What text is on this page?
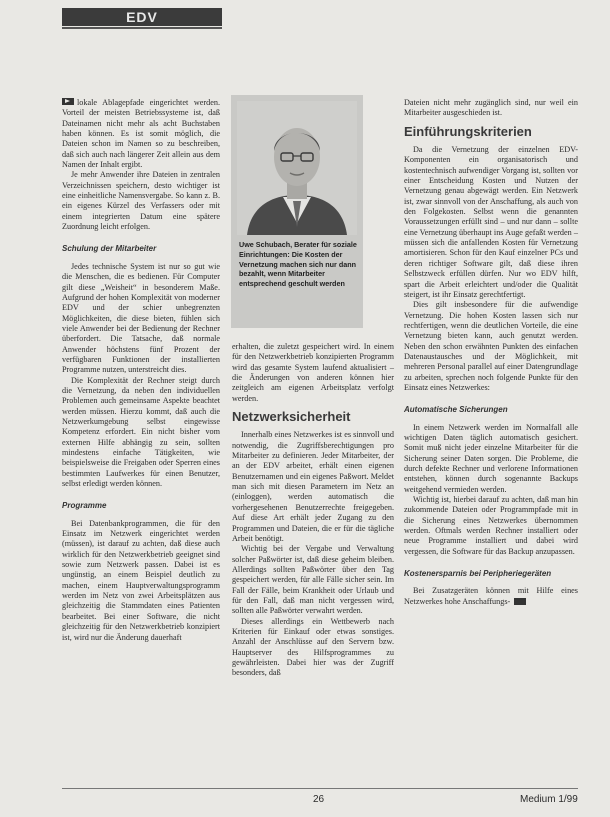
EDV

lokale Ablagepfade eingerichtet werden. Vorteil der meisten Betriebssysteme ist, daß Dateinamen nicht mehr als acht Buchstaben haben können. Es ist somit möglich, die Dateien schon im Namen so zu beschreiben, daß sich auch nach längerer Zeit allein aus dem Namen der Inhalt ergibt.

Je mehr Anwender ihre Dateien in zentralen Verzeichnissen speichern, desto wichtiger ist eine einheitliche Namensvergabe. So kann z. B. ein eigenes Kürzel des Verfassers oder mit einem integrierten Datum eine spätere Zuordnung leicht erfolgen.

Schulung der Mitarbeiter

Jedes technische System ist nur so gut wie die Menschen, die es bedienen. Für Computer gilt diese „Weisheit“ in besonderem Maße. Aufgrund der hohen Komplexität von moderner EDV und der schier unbegrenzten Möglichkeiten, die diese bieten, fühlen sich viele Anwender bei der Bedienung der Rechner überfordert. Die Tatsache, daß normale Anwender höchstens fünf Prozent der verfügbaren Funktionen der installierten Programme nutzen, unterstreicht dies.

Die Komplexität der Rechner steigt durch die Vernetzung, da neben den individuellen Problemen auch gemeinsame Aspekte beachtet werden müssen. Hierzu kommt, daß auch die Netzwerkumgebung selbst eingewisse Kompetenz erfordert. Ein nicht bisher vom externen Hilfe abhängig zu sein, sollten mindestens einfache Tätigkeiten, wie beispielsweise die Freigaben oder Sperren eines bestimmten Laufwerkes für einen Benutzer, selbst erledigt werden können.

Programme

Bei Datenbankprogrammen, die für den Einsatz im Netzwerk eingerichtet werden (müssen), ist darauf zu achten, daß diese auch wirklich für den Netzwerkbetrieb geeignet sind sowie zum Netzwerk passen. Dabei ist es ungünstig, an einem Beispiel deutlich zu machen, einem Hauptverwaltungsprogramm werden im Netz von zwei Arbeitsplätzen aus gleichzeitig die Stammdaten eines Patienten bearbeitet. Bei einer Software, die nicht gleichzeitig für den Netzwerkbetrieb konzipiert ist, wird nur die Änderung dauerhaft

Uwe Schubach, Berater für soziale Einrichtungen: Die Kosten der Vernetzung machen sich nur dann bezahlt, wenn Mitarbeiter entsprechend geschult werden

erhalten, die zuletzt gespeichert wird. In einem für den Netzwerkbetrieb konzipierten Programm wird das gesamte System laufend aktualisiert – die Änderungen von anderen können hier zeitgleich am eigenen Arbeitsplatz verfolgt werden.

Netzwerksicherheit

Innerhalb eines Netzwerkes ist es sinnvoll und notwendig, die Zugriffsberechtigungen pro Mitarbeiter zu definieren. Jeder Mitarbeiter, der an der EDV arbeitet, erhält einen eigenen Benutzernamen und ein eigenes Paßwort. Meldet man sich mit diesen Parametern im Netz an (einloggen), werden automatisch die vorhergesehenen Benutzerrechte freigegeben. Auf diese Art erhält jeder Zugang zu den Programmen und Dateien, die er für die tägliche Arbeit benötigt.

Wichtig bei der Vergabe und Verwaltung solcher Paßwörter ist, daß diese geheim bleiben. Allerdings sollten Paßwörter über den Tag gespeichert werden, für alle Fälle sicher sein. Im Fall der Fälle, beim Krankheit oder Urlaub und für den Fall, daß man nicht vergessen wird, sollten alle Paßwörter verwahrt werden.

Dieses allerdings ein Wettbewerb nach Kriterien für Einkauf oder etwas sonstiges. Anzahl der Anschlüsse auf den Servern bzw. Hauptserver des Hilfsprogrammes zu gewährleisten. Dabei hier was der Zugriff besonders, daß

Dateien nicht mehr zugänglich sind, nur weil ein Mitarbeiter ausgeschieden ist.

Einführungskriterien

Da die Vernetzung der einzelnen EDV-Komponenten ein organisatorisch und kostentechnisch aufwendiger Vorgang ist, sollten vor einer Entscheidung Kosten und Nutzen der Vernetzung genau abgewägt werden. Ein Netzwerk ist, zwar sinnvoll von der Anschaffung, als auch von den Folgekosten. Selbst wenn die genannten Voraussetzungen erfüllt sind – und nur dann – sollte eine Vernetzung überhaupt ins Auge gefaßt werden – müssen sich die anfallenden Kosten für Vernetzung amortisieren. Schon für den Kauf einzelner PCs und deren richtiger Software gilt, daß diese ihren Selbstzweck erfüllen dürfen. Nur wo EDV hilft, spart die Arbeit erleichtert und/oder die Qualität steigert, ist ihr Einsatz gerechtfertigt.

Dies gilt insbesondere für die aufwendige Vernetzung. Die hohen Kosten lassen sich nur rechtfertigen, wenn die deutlichen Vorteile, die eine Vernetzung bieten kann, auch genutzt werden. Neben den schon erwähnten Punkten des einfachen Datenaustausches und der Möglichkeit, mit mehreren Personal parallel auf einer Datengrundlage zu arbeiten, sprechen noch folgende Punkte für den Einsatz eines Netzwerkes:

Automatische Sicherungen

In einem Netzwerk werden im Normalfall alle wichtigen Daten täglich automatisch gesichert. Somit muß nicht jeder einzelne Mitarbeiter für die Sicherung seiner Daten sorgen. Die Probleme, die durch defekte Rechner und verlorene Informationen entstehen, können durch sogenannte Backups weitgehend vermieden werden.

Wichtig ist, hierbei darauf zu achten, daß man hin zukommende Dateien oder Programmpfade mit in die Sicherung eines Netzwerkes übernommen werden. Oftmals werden Rechner installiert oder neue Programme installiert und dabei wird vergessen, die Software für das Backup anzupassen.

Kostenersparnis bei Peripheriegeräten

Bei Zusatzgeräten können mit Hilfe eines Netzwerkes hohe Anschaffungs-

26	Medium 1/99
